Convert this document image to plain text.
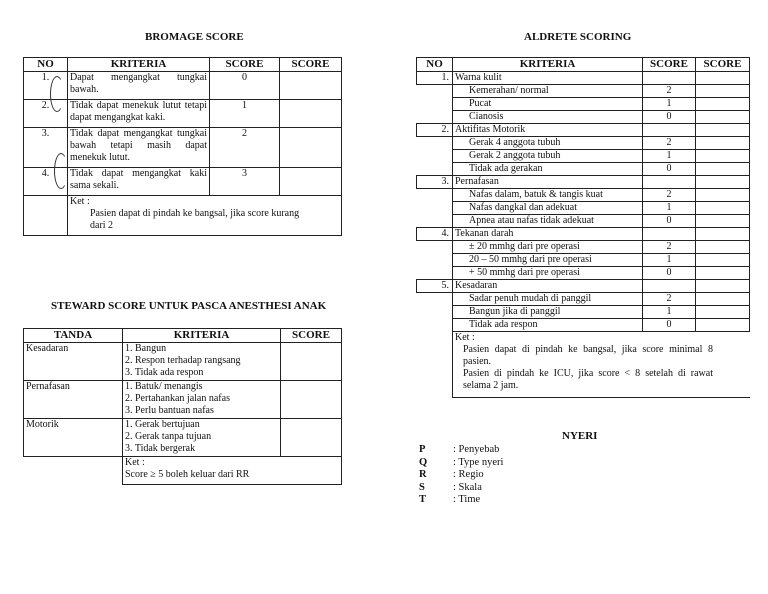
BROMAGE SCORE
NO	KRITERIA	SCORE	SCORE
1.	Dapat mengangkat tungkai bawah.	0	
2.	Tidak dapat menekuk lutut tetapi dapat mengangkat kaki.	1	
3.	Tidak dapat mengangkat tungkai bawah tetapi masih dapat menekuk lutut.	2	
4.	Tidak dapat mengangkat kaki sama sekali.	3	

	Ket :
Pasien dapat di pindah ke bangsal, jika score kurang dari 2		
STEWARD SCORE UNTUK PASCA ANESTHESI ANAK
TANDA	KRITERIA	SCORE
Kesadaran	1. Bangun
2. Respon terhadap rangsang
3. Tidak ada respon	

Pernafasan	1. Batuk/ menangis
2. Pertahankan jalan nafas
3. Perlu bantuan nafas	

Motorik	1. Gerak bertujuan
2. Gerak tanpa tujuan
3. Tidak bergerak	

	Ket :
Score ≥ 5 boleh keluar dari RR	
ALDRETE SCORING
NO	KRITERIA	SCORE	SCORE
1.	Warna kulit		
	Kemerahan/ normal	2	
	Pucat	1	
	Cianosis	0	
2.	Aktifitas Motorik		
	Gerak 4 anggota tubuh	2	
	Gerak 2 anggota tubuh	1	
	Tidak ada gerakan	0	
3.	Pernafasan		
	Nafas dalam, batuk & tangis kuat	2	
	Nafas dangkal dan adekuat	1	
	Apnea atau nafas tidak adekuat	0	
4.	Tekanan darah		
	± 20 mmhg dari pre operasi	2	
	20 – 50 mmhg dari pre operasi	1	
	+ 50 mmhg dari pre operasi	0	
5.	Kesadaran		
	Sadar penuh mudah di panggil	2	
	Bangun jika di panggil	1	
	Tidak ada respon	0	

	Ket :
Pasien dapat di pindah ke bangsal, jika score minimal 8 pasien.
Pasien di pindah ke ICU, jika score < 8 setelah di rawat selama 2 jam.		
NYERI
P	: Penyebab
Q : Type nyeri
R	: Regio
S	: Skala
T	: Time
